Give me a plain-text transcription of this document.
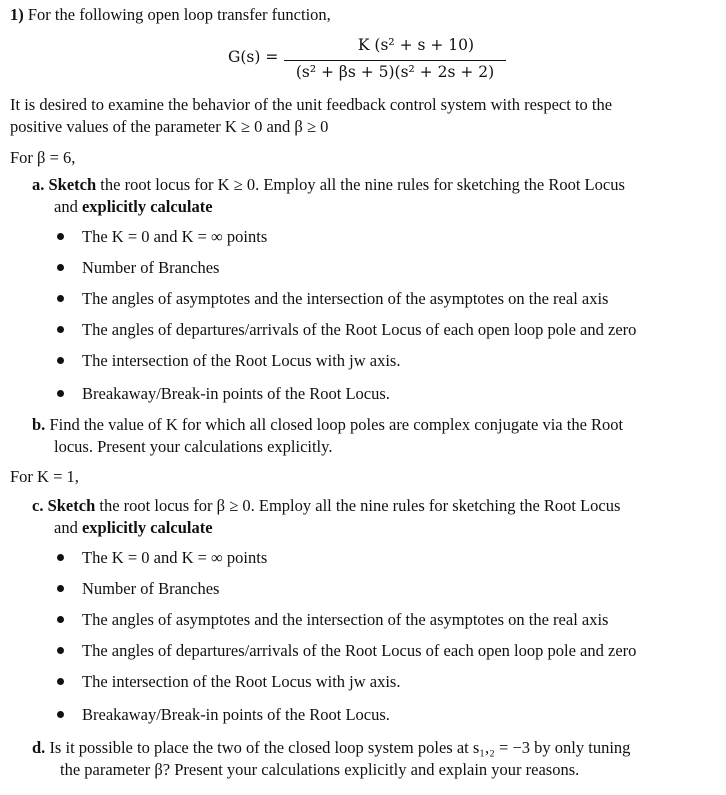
1) For the following open loop transfer function,
G(s) =
K (s² + s + 10)
(s² + βs + 5)(s² + 2s + 2)
It is desired to examine the behavior of the unit feedback control system with respect to the
positive values of the parameter K ≥ 0 and β ≥ 0
For β = 6,
a. Sketch the root locus for K ≥ 0. Employ all the nine rules for sketching the Root Locus
and explicitly calculate
The K = 0 and K = ∞ points
Number of Branches
The angles of asymptotes and the intersection of the asymptotes on the real axis
The angles of departures/arrivals of the Root Locus of each open loop pole and zero
The intersection of the Root Locus with jw axis.
Breakaway/Break-in points of the Root Locus.
b. Find the value of K for which all closed loop poles are complex conjugate via the Root
locus. Present your calculations explicitly.
For K = 1,
c. Sketch the root locus for β ≥ 0. Employ all the nine rules for sketching the Root Locus
and explicitly calculate
The K = 0 and K = ∞ points
Number of Branches
The angles of asymptotes and the intersection of the asymptotes on the real axis
The angles of departures/arrivals of the Root Locus of each open loop pole and zero
The intersection of the Root Locus with jw axis.
Breakaway/Break-in points of the Root Locus.
d. Is it possible to place the two of the closed loop system poles at s₁,₂ = −3 by only tuning
the parameter β? Present your calculations explicitly and explain your reasons.
